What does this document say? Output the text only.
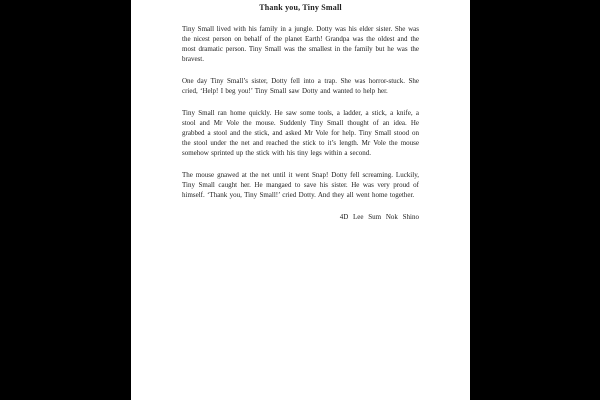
Thank you, Tiny Small

Tiny Small lived with his family in a jungle. Dotty was his elder sister. She was the nicest person on behalf of the planet Earth! Grandpa was the oldest and the most dramatic person. Tiny Small was the smallest in the family but he was the bravest.

One day Tiny Small’s sister, Dotty fell into a trap. She was horror-stuck. She cried, ‘Help! I beg you!’ Tiny Small saw Dotty and wanted to help her.

Tiny Small ran home quickly. He saw some tools, a ladder, a stick, a knife, a stool and Mr Vole the mouse. Suddenly Tiny Small thought of an idea. He grabbed a stool and the stick, and asked Mr Vole for help. Tiny Small stood on the stool under the net and reached the stick to it’s length. Mr Vole the mouse somehow sprinted up the stick with his tiny legs within a second.

The mouse gnawed at the net until it went Snap! Dotty fell screaming. Luckily, Tiny Small caught her. He mangaed to save his sister. He was very proud of himself. ‘Thank you, Tiny Small!’ cried Dotty. And they all went home together.

4D Lee Sum Nok Shino
